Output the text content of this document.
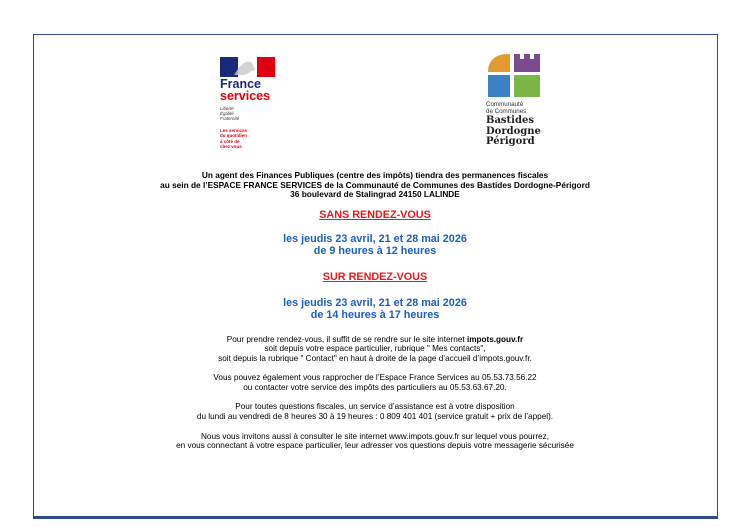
France
services
Liberté
Égalité
Fraternité
Les services
du quotidien
à côté de
chez vous
Communauté
de Communes
Bastides
Dordogne
Périgord
Un agent des Finances Publiques (centre des impôts) tiendra des permanences fiscales
au sein de l’ESPACE FRANCE SERVICES de la Communauté de Communes des Bastides Dordogne-Périgord
36 boulevard de Stalingrad 24150 LALINDE
SANS RENDEZ-VOUS
les jeudis 23 avril, 21 et 28 mai 2026
de 9 heures à 12 heures
SUR RENDEZ-VOUS
les jeudis 23 avril, 21 et 28 mai 2026
de 14 heures à 17 heures
Pour prendre rendez-vous, il suffit de se rendre sur le site internet impots.gouv.fr
soit depuis votre espace particulier, rubrique " Mes contacts",
soit depuis la rubrique " Contact" en haut à droite de la page d’accueil d’impots.gouv.fr.
Vous pouvez également vous rapprocher de l’Espace France Services au 05.53.73.56.22
ou contacter votre service des impôts des particuliers au 05.53.63.67.20.
Pour toutes questions fiscales, un service d’assistance est à votre disposition
du lundi au vendredi de 8 heures 30 à 19 heures : 0 809 401 401 (service gratuit + prix de l’appel).
Nous vous invitons aussi à consulter le site internet www.impots.gouv.fr sur lequel vous pourrez,
en vous connectant à votre espace particulier, leur adresser vos questions depuis votre messagerie sécurisée
